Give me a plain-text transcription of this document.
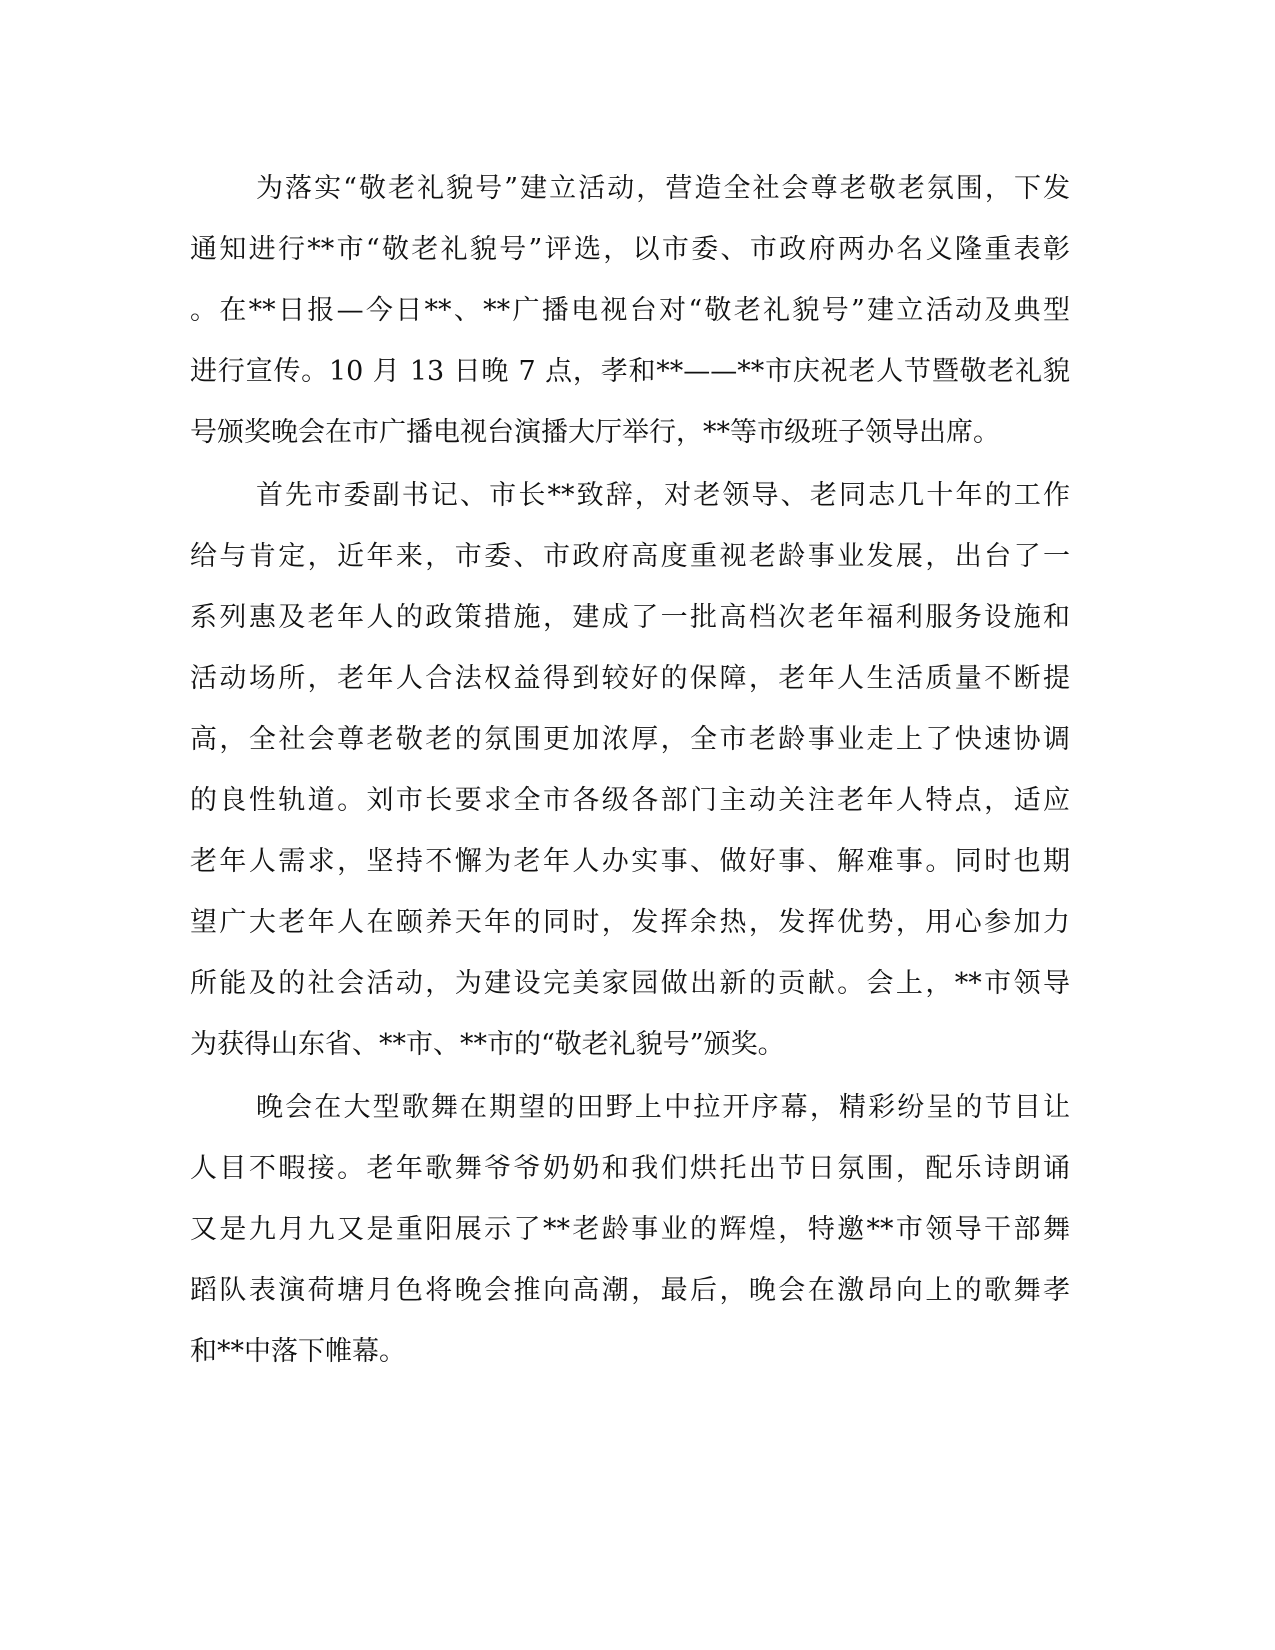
为落实“敬老礼貌号”建立活动，营造全社会尊老敬老氛围，下发
通知进行**市“敬老礼貌号”评选，以市委、市政府两办名义隆重表彰
。在**日报—今日**、**广播电视台对“敬老礼貌号”建立活动及典型
进行宣传。10 月 13 日晚 7 点，孝和**——**市庆祝老人节暨敬老礼貌
号颁奖晚会在市广播电视台演播大厅举行，**等市级班子领导出席。
首先市委副书记、市长**致辞，对老领导、老同志几十年的工作
给与肯定，近年来，市委、市政府高度重视老龄事业发展，出台了一
系列惠及老年人的政策措施，建成了一批高档次老年福利服务设施和
活动场所，老年人合法权益得到较好的保障，老年人生活质量不断提
高，全社会尊老敬老的氛围更加浓厚，全市老龄事业走上了快速协调
的良性轨道。刘市长要求全市各级各部门主动关注老年人特点，适应
老年人需求，坚持不懈为老年人办实事、做好事、解难事。同时也期
望广大老年人在颐养天年的同时，发挥余热，发挥优势，用心参加力
所能及的社会活动，为建设完美家园做出新的贡献。会上，**市领导
为获得山东省、**市、**市的“敬老礼貌号”颁奖。
晚会在大型歌舞在期望的田野上中拉开序幕，精彩纷呈的节目让
人目不暇接。老年歌舞爷爷奶奶和我们烘托出节日氛围，配乐诗朗诵
又是九月九又是重阳展示了**老龄事业的辉煌，特邀**市领导干部舞
蹈队表演荷塘月色将晚会推向高潮，最后，晚会在激昂向上的歌舞孝
和**中落下帷幕。
